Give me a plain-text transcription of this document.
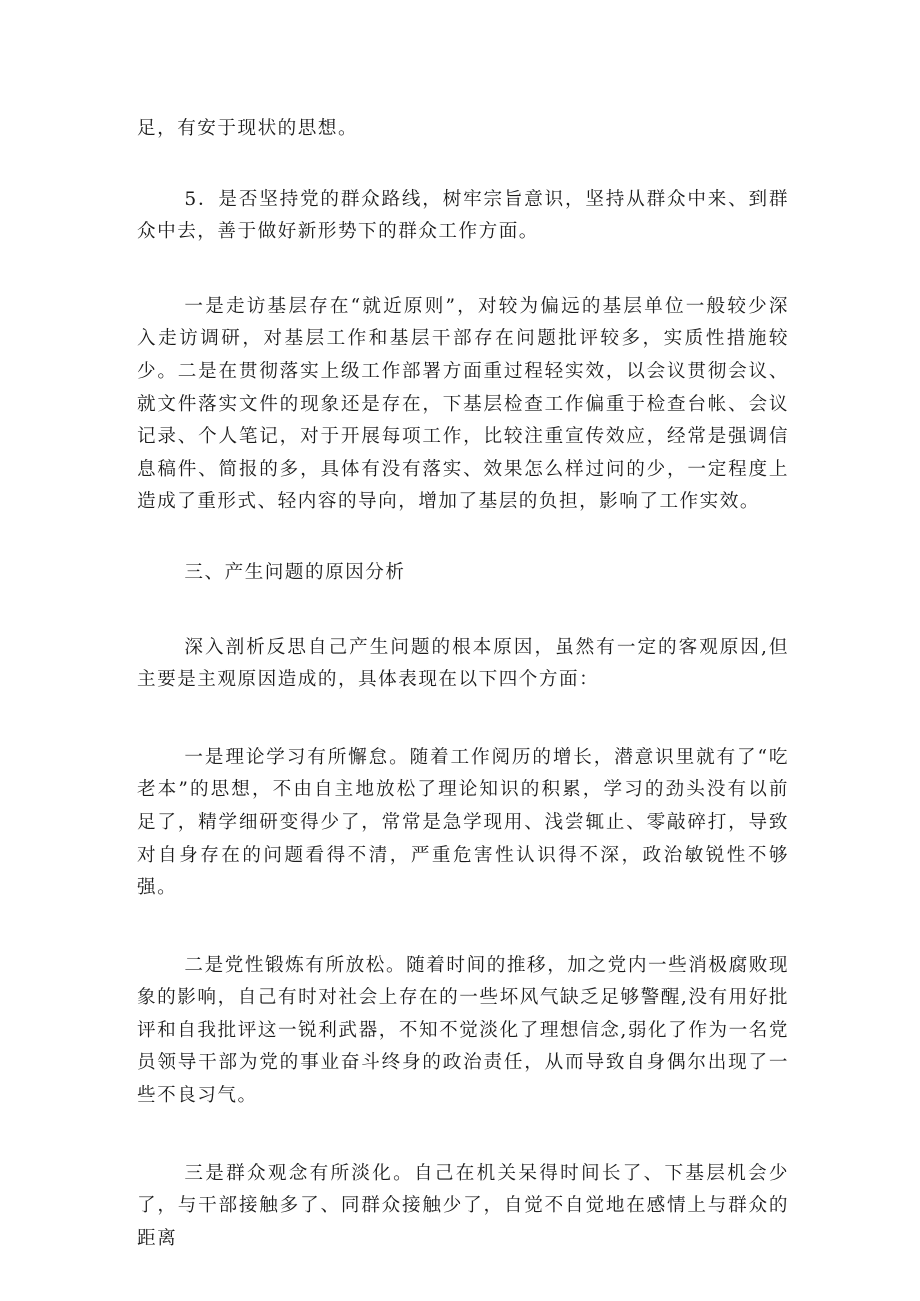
足，有安于现状的思想。

5．是否坚持党的群众路线，树牢宗旨意识，坚持从群众中来、到群众中去，善于做好新形势下的群众工作方面。

一是走访基层存在“就近原则”，对较为偏远的基层单位一般较少深入走访调研，对基层工作和基层干部存在问题批评较多，实质性措施较少。二是在贯彻落实上级工作部署方面重过程轻实效，以会议贯彻会议、就文件落实文件的现象还是存在，下基层检查工作偏重于检查台帐、会议记录、个人笔记，对于开展每项工作，比较注重宣传效应，经常是强调信息稿件、简报的多，具体有没有落实、效果怎么样过问的少，一定程度上造成了重形式、轻内容的导向，增加了基层的负担，影响了工作实效。

三、产生问题的原因分析

深入剖析反思自己产生问题的根本原因，虽然有一定的客观原因,但主要是主观原因造成的，具体表现在以下四个方面：

一是理论学习有所懈怠。随着工作阅历的增长，潜意识里就有了“吃老本”的思想，不由自主地放松了理论知识的积累，学习的劲头没有以前足了，精学细研变得少了，常常是急学现用、浅尝辄止、零敲碎打，导致对自身存在的问题看得不清，严重危害性认识得不深，政治敏锐性不够强。

二是党性锻炼有所放松。随着时间的推移，加之党内一些消极腐败现象的影响，自己有时对社会上存在的一些坏风气缺乏足够警醒,没有用好批评和自我批评这一锐利武器，不知不觉淡化了理想信念,弱化了作为一名党员领导干部为党的事业奋斗终身的政治责任，从而导致自身偶尔出现了一些不良习气。

三是群众观念有所淡化。自己在机关呆得时间长了、下基层机会少了，与干部接触多了、同群众接触少了，自觉不自觉地在感情上与群众的距离
